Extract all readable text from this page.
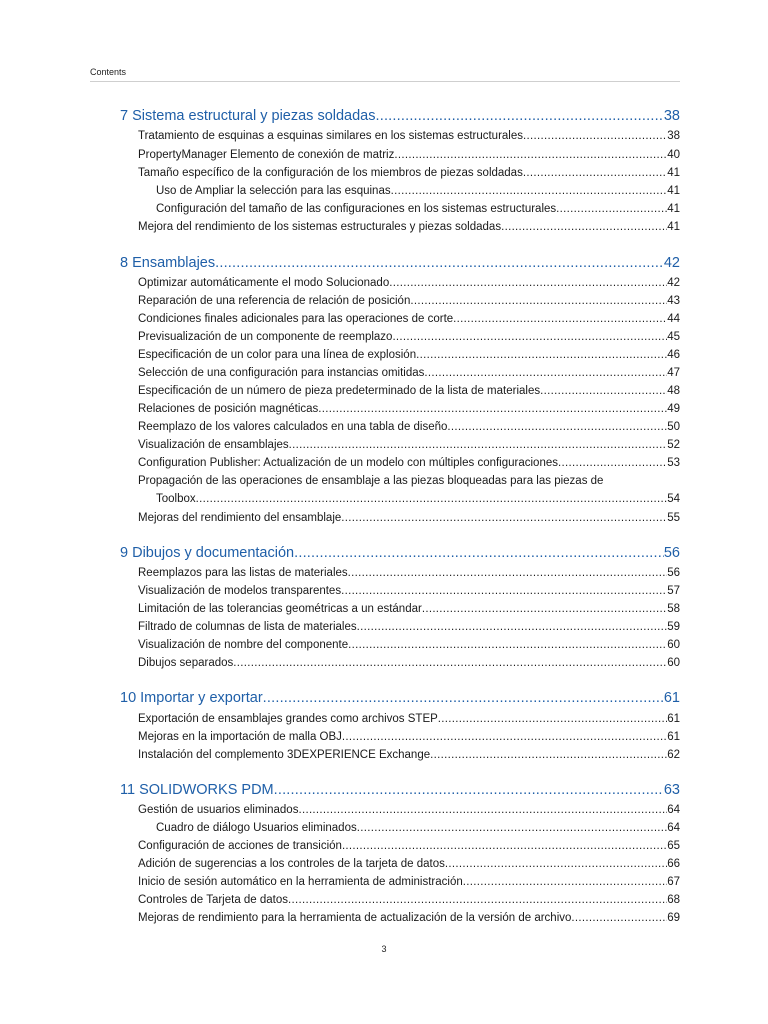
Contents
7 Sistema estructural y piezas soldadas .....	38
Tratamiento de esquinas a esquinas similares en los sistemas estructurales .....	38
PropertyManager Elemento de conexión de matriz .....	40
Tamaño específico de la configuración de los miembros de piezas soldadas .....	41
Uso de Ampliar la selección para las esquinas .....	41
Configuración del tamaño de las configuraciones en los sistemas estructurales .....	41
Mejora del rendimiento de los sistemas estructurales y piezas soldadas .....	41
8 Ensamblajes .....	42
Optimizar automáticamente el modo Solucionado .....	42
Reparación de una referencia de relación de posición .....	43
Condiciones finales adicionales para las operaciones de corte .....	44
Previsualización de un componente de reemplazo .....	45
Especificación de un color para una línea de explosión .....	46
Selección de una configuración para instancias omitidas .....	47
Especificación de un número de pieza predeterminado de la lista de materiales .....	48
Relaciones de posición magnéticas .....	49
Reemplazo de los valores calculados en una tabla de diseño .....	50
Visualización de ensamblajes .....	52
Configuration Publisher: Actualización de un modelo con múltiples configuraciones .....	53
Propagación de las operaciones de ensamblaje a las piezas bloqueadas para las piezas de
Toolbox .....	54
Mejoras del rendimiento del ensamblaje .....	55
9 Dibujos y documentación .....	56
Reemplazos para las listas de materiales .....	56
Visualización de modelos transparentes .....	57
Limitación de las tolerancias geométricas a un estándar .....	58
Filtrado de columnas de lista de materiales .....	59
Visualización de nombre del componente .....	60
Dibujos separados .....	60
10 Importar y exportar .....	61
Exportación de ensamblajes grandes como archivos STEP .....	61
Mejoras en la importación de malla OBJ .....	61
Instalación del complemento 3DEXPERIENCE Exchange .....	62
11 SOLIDWORKS PDM .....	63
Gestión de usuarios eliminados .....	64
Cuadro de diálogo Usuarios eliminados .....	64
Configuración de acciones de transición .....	65
Adición de sugerencias a los controles de la tarjeta de datos .....	66
Inicio de sesión automático en la herramienta de administración .....	67
Controles de Tarjeta de datos .....	68
Mejoras de rendimiento para la herramienta de actualización de la versión de archivo .....	69
3
